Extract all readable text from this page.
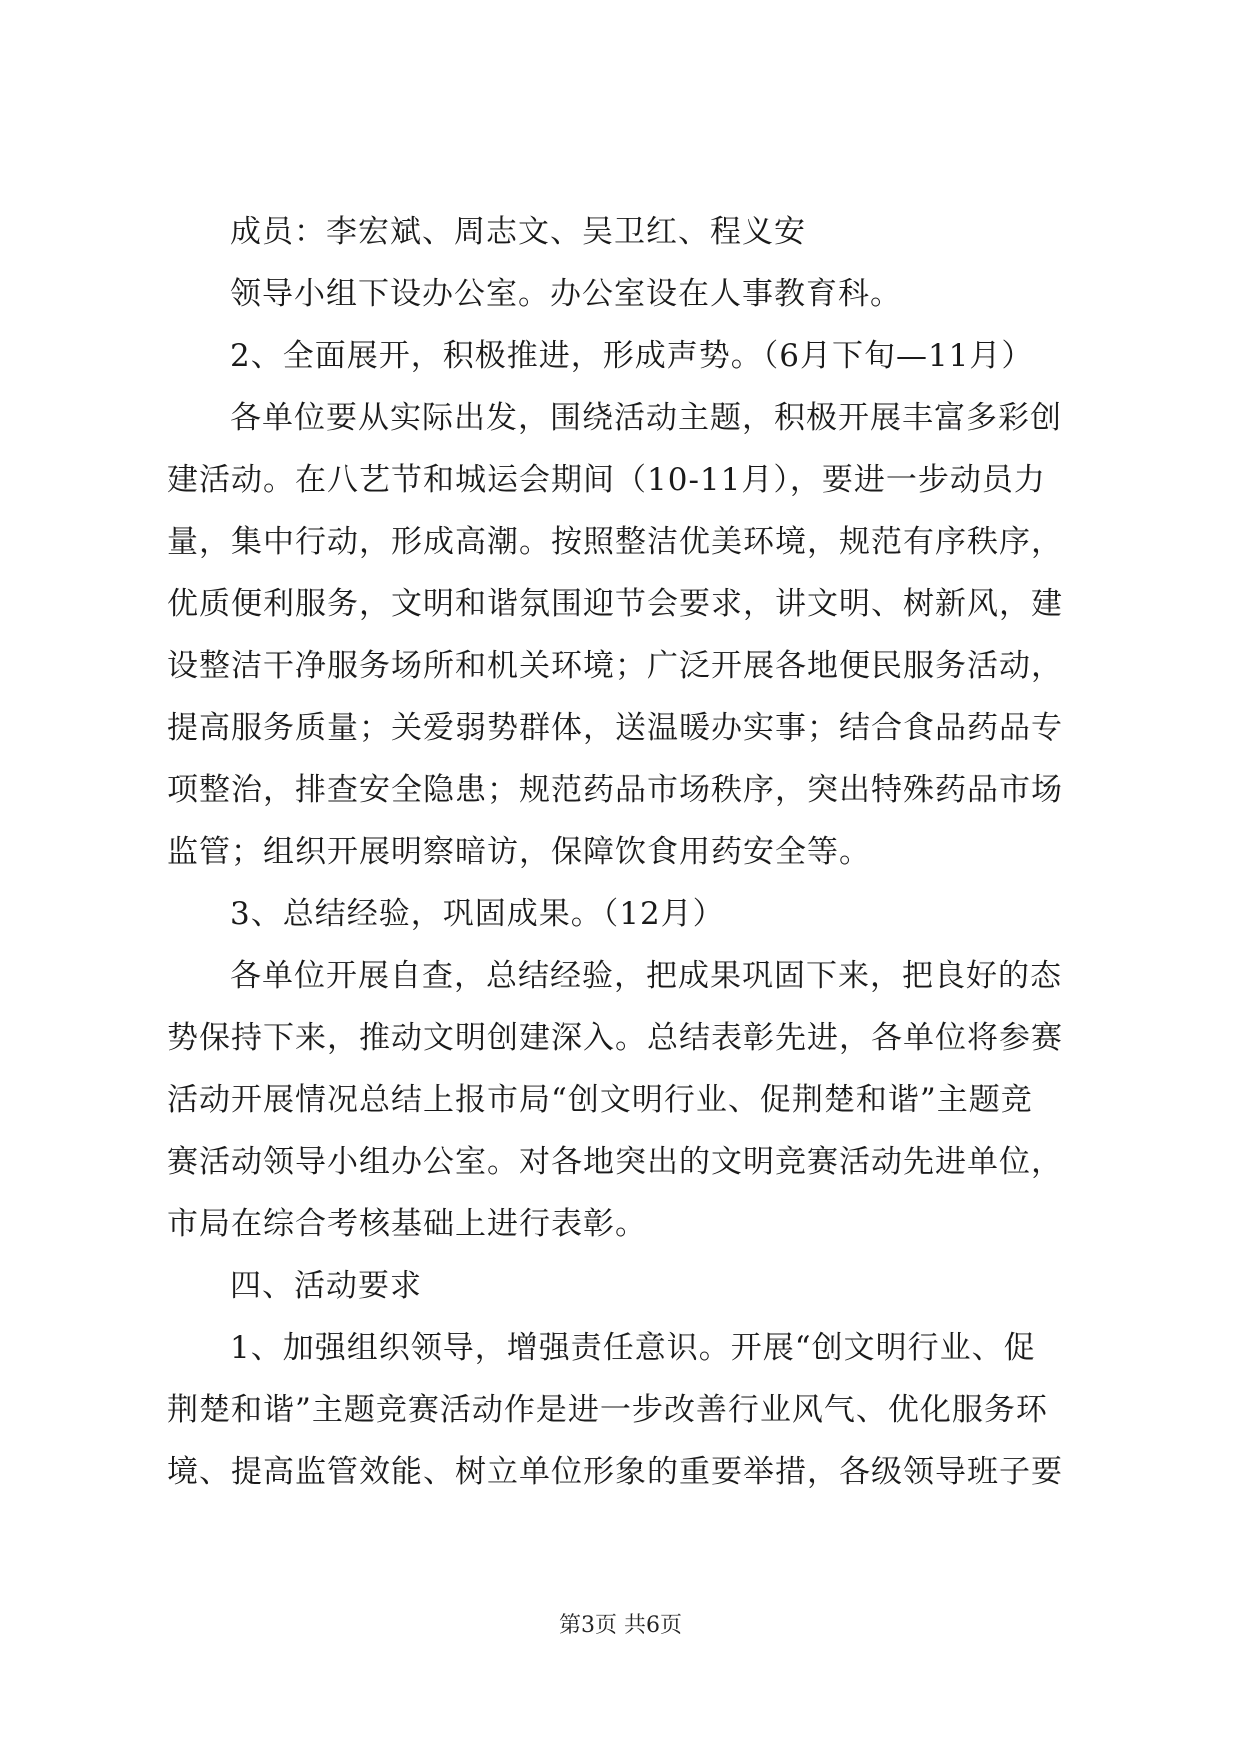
成员：李宏斌、周志文、吴卫红、程义安
领导小组下设办公室。办公室设在人事教育科。
2、全面展开，积极推进，形成声势。（6月下旬—11月）
各单位要从实际出发，围绕活动主题，积极开展丰富多彩创
建活动。在八艺节和城运会期间（10-11月），要进一步动员力
量，集中行动，形成高潮。按照整洁优美环境，规范有序秩序，
优质便利服务，文明和谐氛围迎节会要求，讲文明、树新风，建
设整洁干净服务场所和机关环境；广泛开展各地便民服务活动，
提高服务质量；关爱弱势群体，送温暖办实事；结合食品药品专
项整治，排查安全隐患；规范药品市场秩序，突出特殊药品市场
监管；组织开展明察暗访，保障饮食用药安全等。
3、总结经验，巩固成果。（12月）
各单位开展自查，总结经验，把成果巩固下来，把良好的态
势保持下来，推动文明创建深入。总结表彰先进，各单位将参赛
活动开展情况总结上报市局“创文明行业、促荆楚和谐”主题竞
赛活动领导小组办公室。对各地突出的文明竞赛活动先进单位，
市局在综合考核基础上进行表彰。
四、活动要求
1、加强组织领导，增强责任意识。开展“创文明行业、促
荆楚和谐”主题竞赛活动作是进一步改善行业风气、优化服务环
境、提高监管效能、树立单位形象的重要举措，各级领导班子要
第3页 共6页
